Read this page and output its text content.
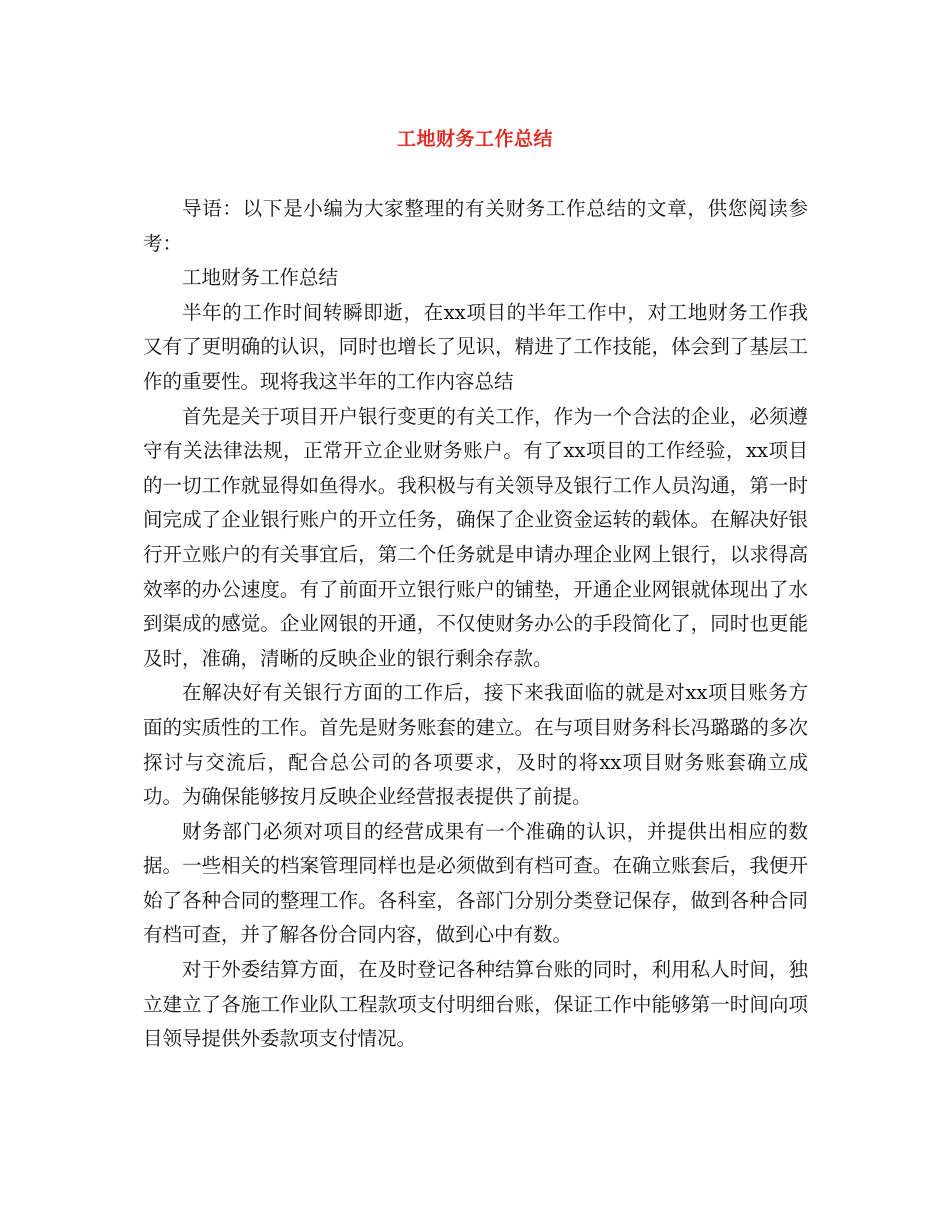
工地财务工作总结

导语：以下是小编为大家整理的有关财务工作总结的文章，供您阅读参考：

工地财务工作总结

半年的工作时间转瞬即逝，在xx项目的半年工作中，对工地财务工作我又有了更明确的认识，同时也增长了见识，精进了工作技能，体会到了基层工作的重要性。现将我这半年的工作内容总结

首先是关于项目开户银行变更的有关工作，作为一个合法的企业，必须遵守有关法律法规，正常开立企业财务账户。有了xx项目的工作经验，xx项目的一切工作就显得如鱼得水。我积极与有关领导及银行工作人员沟通，第一时间完成了企业银行账户的开立任务，确保了企业资金运转的载体。在解决好银行开立账户的有关事宜后，第二个任务就是申请办理企业网上银行，以求得高效率的办公速度。有了前面开立银行账户的铺垫，开通企业网银就体现出了水到渠成的感觉。企业网银的开通，不仅使财务办公的手段简化了，同时也更能及时，准确，清晰的反映企业的银行剩余存款。

在解决好有关银行方面的工作后，接下来我面临的就是对xx项目账务方面的实质性的工作。首先是财务账套的建立。在与项目财务科长冯璐璐的多次探讨与交流后，配合总公司的各项要求，及时的将xx项目财务账套确立成功。为确保能够按月反映企业经营报表提供了前提。

财务部门必须对项目的经营成果有一个准确的认识，并提供出相应的数据。一些相关的档案管理同样也是必须做到有档可查。在确立账套后，我便开始了各种合同的整理工作。各科室，各部门分别分类登记保存，做到各种合同有档可查，并了解各份合同内容，做到心中有数。

对于外委结算方面，在及时登记各种结算台账的同时，利用私人时间，独立建立了各施工作业队工程款项支付明细台账，保证工作中能够第一时间向项目领导提供外委款项支付情况。
